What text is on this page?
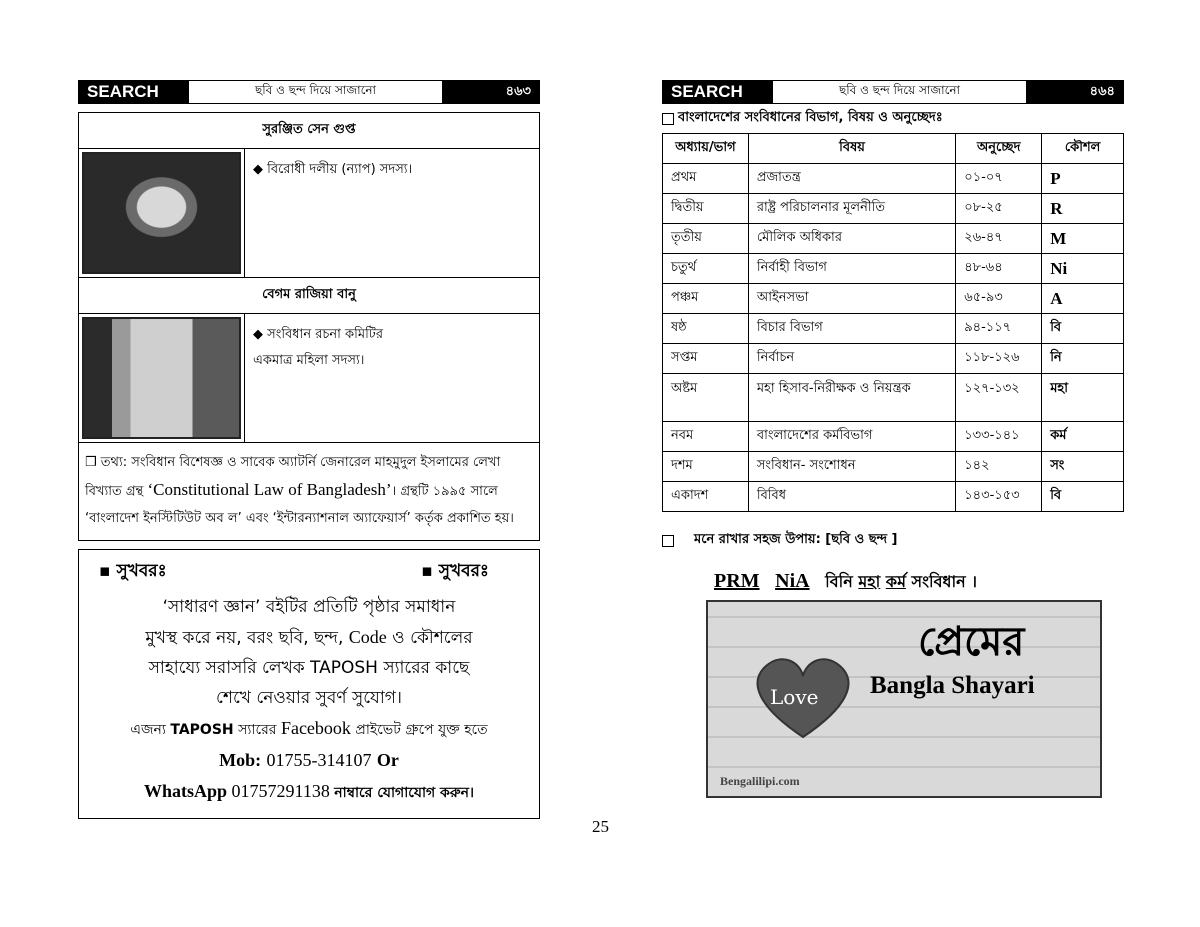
SEARCH	ছবি ও ছন্দ দিয়ে সাজানো	৪৬৩
সুরঞ্জিত সেন গুপ্ত
◆ বিরোধী দলীয় (ন্যাপ) সদস্য।
বেগম রাজিয়া বানু
◆ সংবিধান রচনা কমিটির
একমাত্র মহিলা সদস্য।
❒ তথ্য: সংবিধান বিশেষজ্ঞ ও সাবেক অ্যাটর্নি জেনারেল মাহমুদুল ইসলামের লেখা বিখ্যাত গ্রন্থ ‘Constitutional Law of Bangladesh’। গ্রন্থটি ১৯৯৫ সালে ‘বাংলাদেশ ইনস্টিটিউট অব ল’ এবং ‘ইন্টারন্যাশনাল অ্যাফেয়ার্স’ কর্তৃক প্রকাশিত হয়।
▪ সুখবরঃ	▪ সুখবরঃ
‘সাধারণ জ্ঞান’ বইটির প্রতিটি পৃষ্ঠার সমাধান
মুখস্থ করে নয়, বরং ছবি, ছন্দ, Code ও কৌশলের
সাহায্যে সরাসরি লেখক TAPOSH স্যারের কাছে
শেখে নেওয়ার সুবর্ণ সুযোগ।
এজন্য TAPOSH স্যারের Facebook প্রাইভেট গ্রুপে যুক্ত হতে
Mob: 01755-314107 Or
WhatsApp 01757291138 নাম্বারে যোগাযোগ করুন।
SEARCH	ছবি ও ছন্দ দিয়ে সাজানো	৪৬৪
বাংলাদেশের সংবিধানের বিভাগ, বিষয় ও অনুচ্ছেদঃ
অধ্যায়/ভাগ	বিষয়	অনুচ্ছেদ	কৌশল
প্রথম	প্রজাতন্ত্র	০১-০৭	P
দ্বিতীয়	রাষ্ট্র পরিচালনার মূলনীতি	০৮-২৫	R
তৃতীয়	মৌলিক অধিকার	২৬-৪৭	M
চতুর্থ	নির্বাহী বিভাগ	৪৮-৬৪	Ni
পঞ্চম	আইনসভা	৬৫-৯৩	A
ষষ্ঠ	বিচার বিভাগ	৯৪-১১৭	বি
সপ্তম	নির্বাচন	১১৮-১২৬	নি
অষ্টম	মহা হিসাব-নিরীক্ষক ও নিয়ন্ত্রক	১২৭-১৩২	মহা
নবম	বাংলাদেশের কর্মবিভাগ	১৩৩-১৪১	কর্ম
দশম	সংবিধান- সংশোধন	১৪২	সং
একাদশ	বিবিধ	১৪৩-১৫৩	বি
মনে রাখার সহজ উপায়: [ছবি ও ছন্দ ]
PRM NiA বিনি মহা কর্ম সংবিধান ।
Love
প্রেমের
Bangla Shayari
Bengalilipi.com
25
